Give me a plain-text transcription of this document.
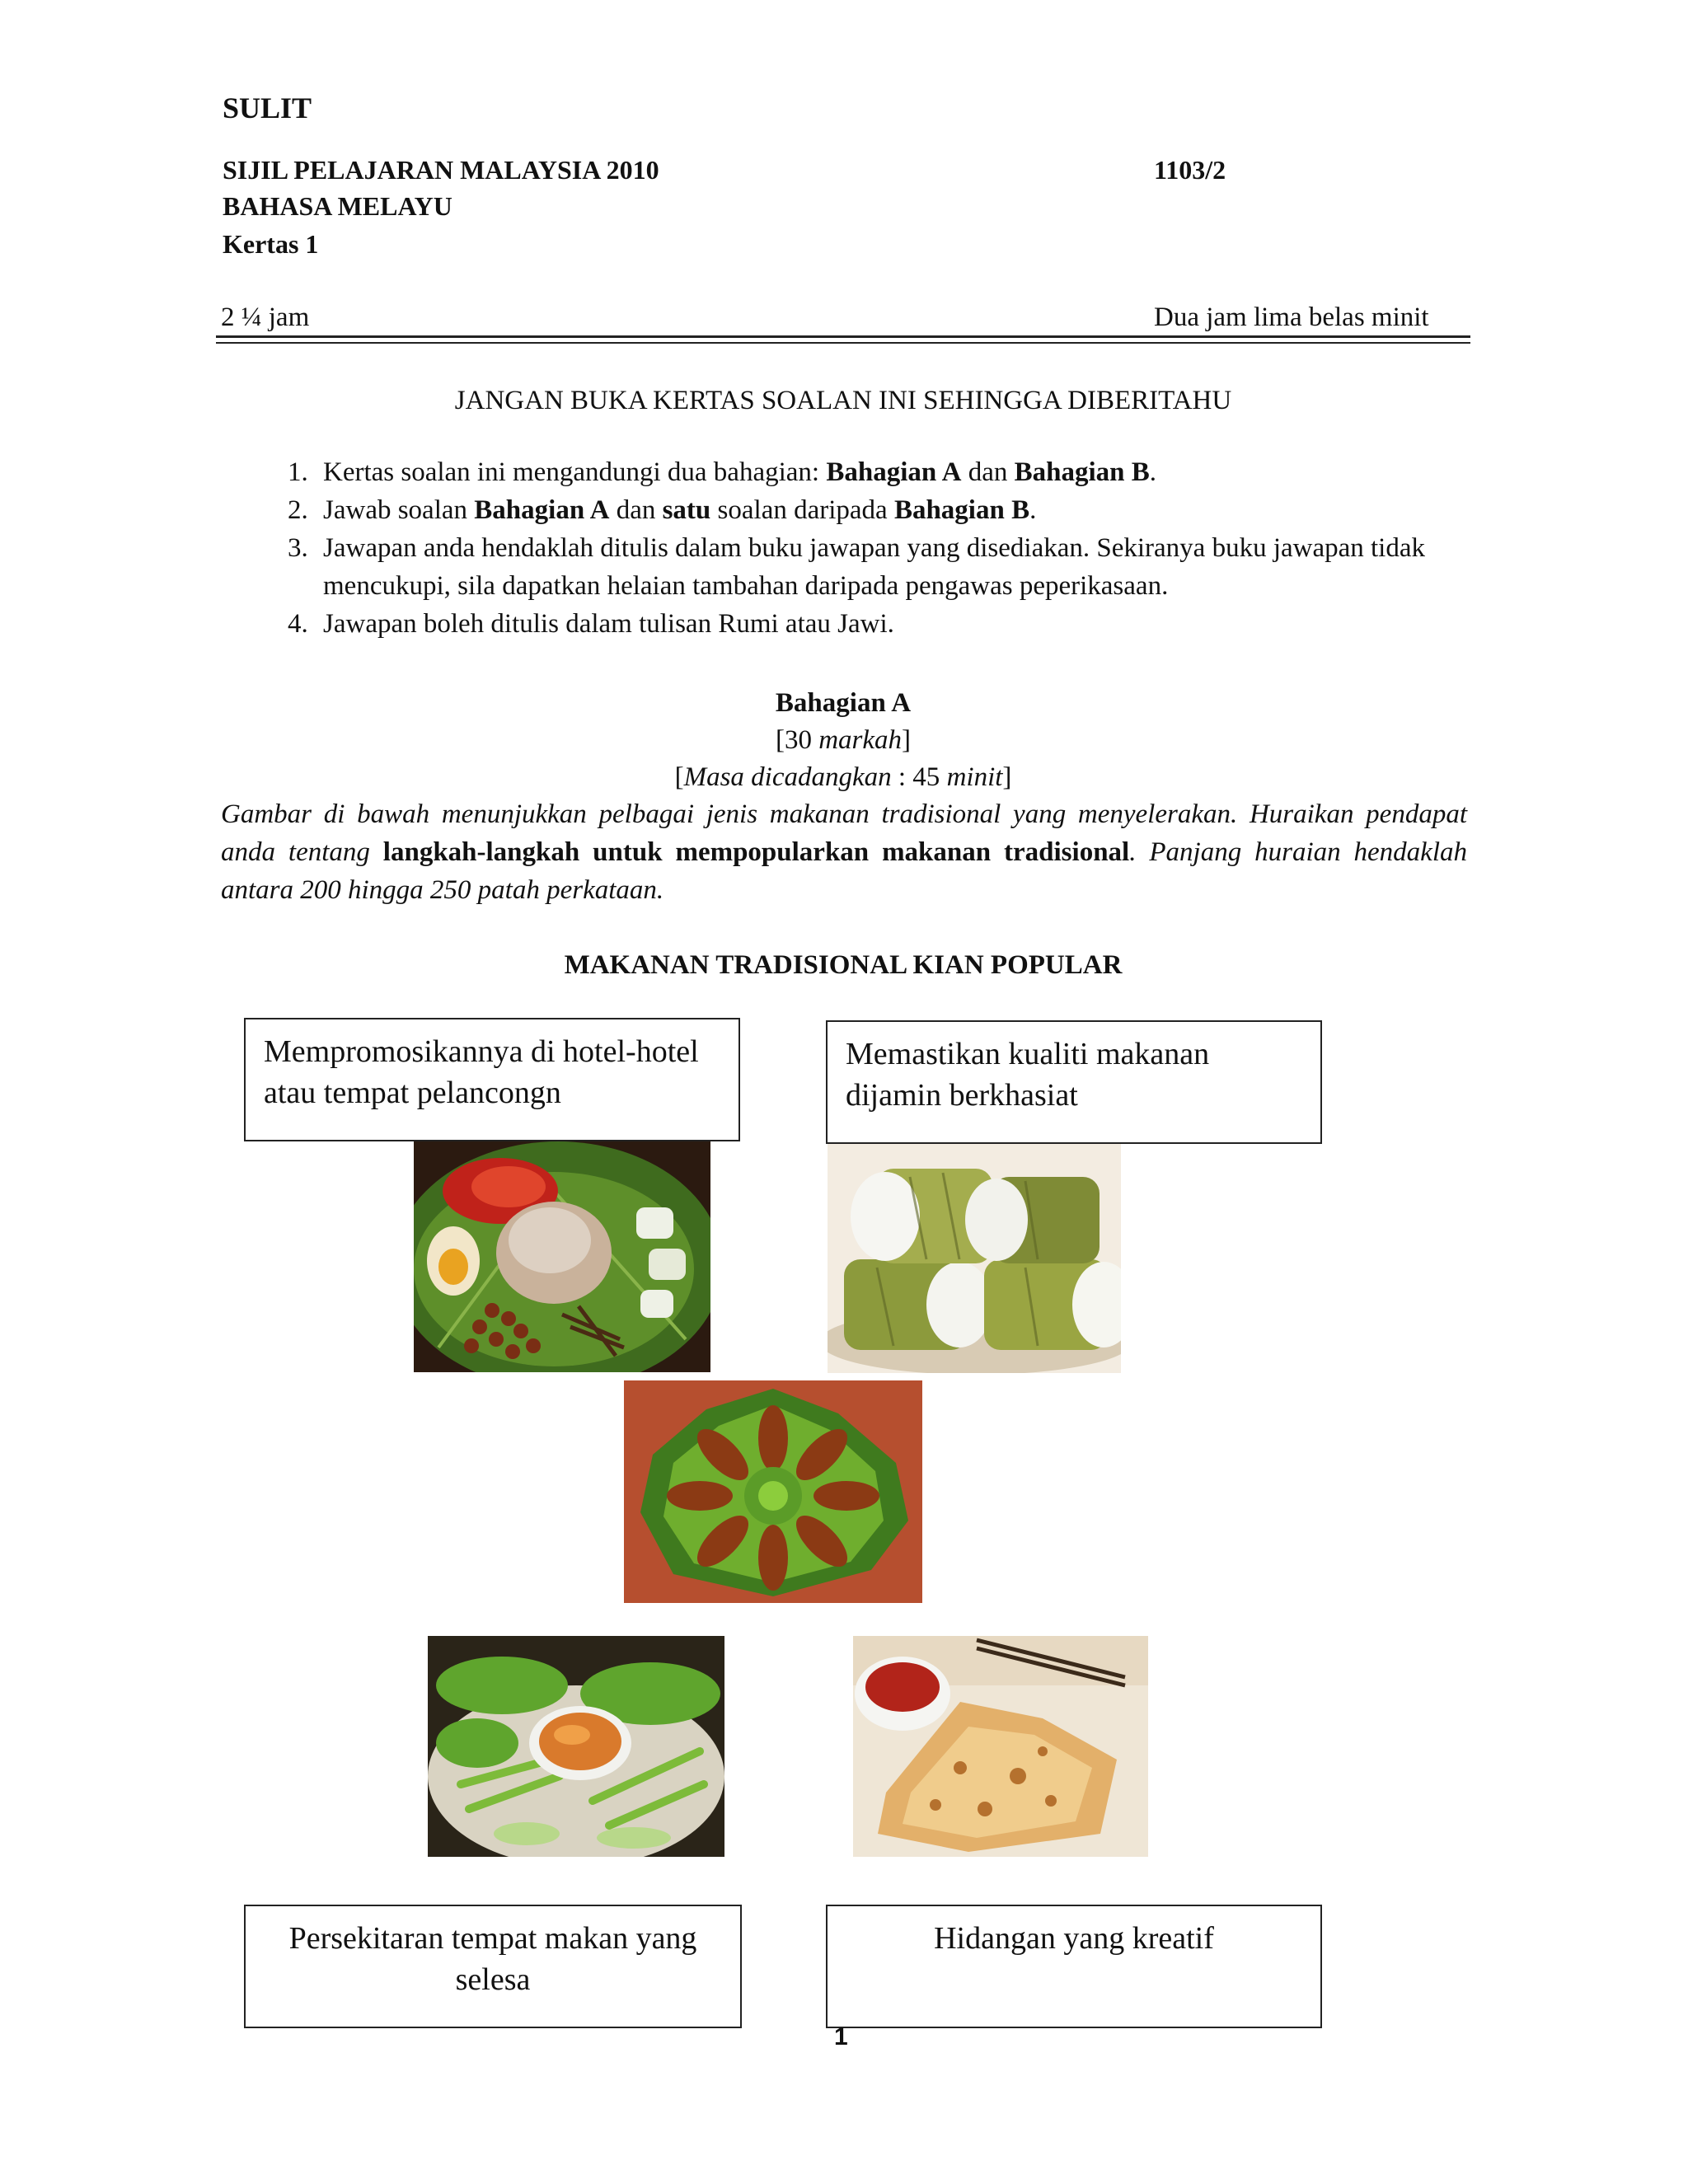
SULIT
SIJIL PELAJARAN MALAYSIA 2010	1103/2
BAHASA MELAYU
Kertas 1
2 ¼ jam	Dua jam lima belas minit
JANGAN BUKA KERTAS SOALAN INI SEHINGGA DIBERITAHU
1. Kertas soalan ini mengandungi dua bahagian: Bahagian A dan Bahagian B.
2. Jawab soalan Bahagian A dan satu soalan daripada Bahagian B.
3. Jawapan anda hendaklah ditulis dalam buku jawapan yang disediakan. Sekiranya buku jawapan tidak mencukupi, sila dapatkan helaian tambahan daripada pengawas peperikasaan.
4. Jawapan boleh ditulis dalam tulisan Rumi atau Jawi.
Bahagian A
[30 markah]
[Masa dicadangkan : 45 minit]
Gambar di bawah menunjukkan pelbagai jenis makanan tradisional yang menyelerakan. Huraikan pendapat anda tentang langkah-langkah untuk mempopularkan makanan tradisional. Panjang huraian hendaklah antara 200 hingga 250 patah perkataan.
MAKANAN TRADISIONAL KIAN POPULAR
Mempromosikannya di hotel-hotel atau tempat pelancongn
Memastikan kualiti makanan dijamin berkhasiat
Persekitaran tempat makan yang selesa
Hidangan yang kreatif
1
